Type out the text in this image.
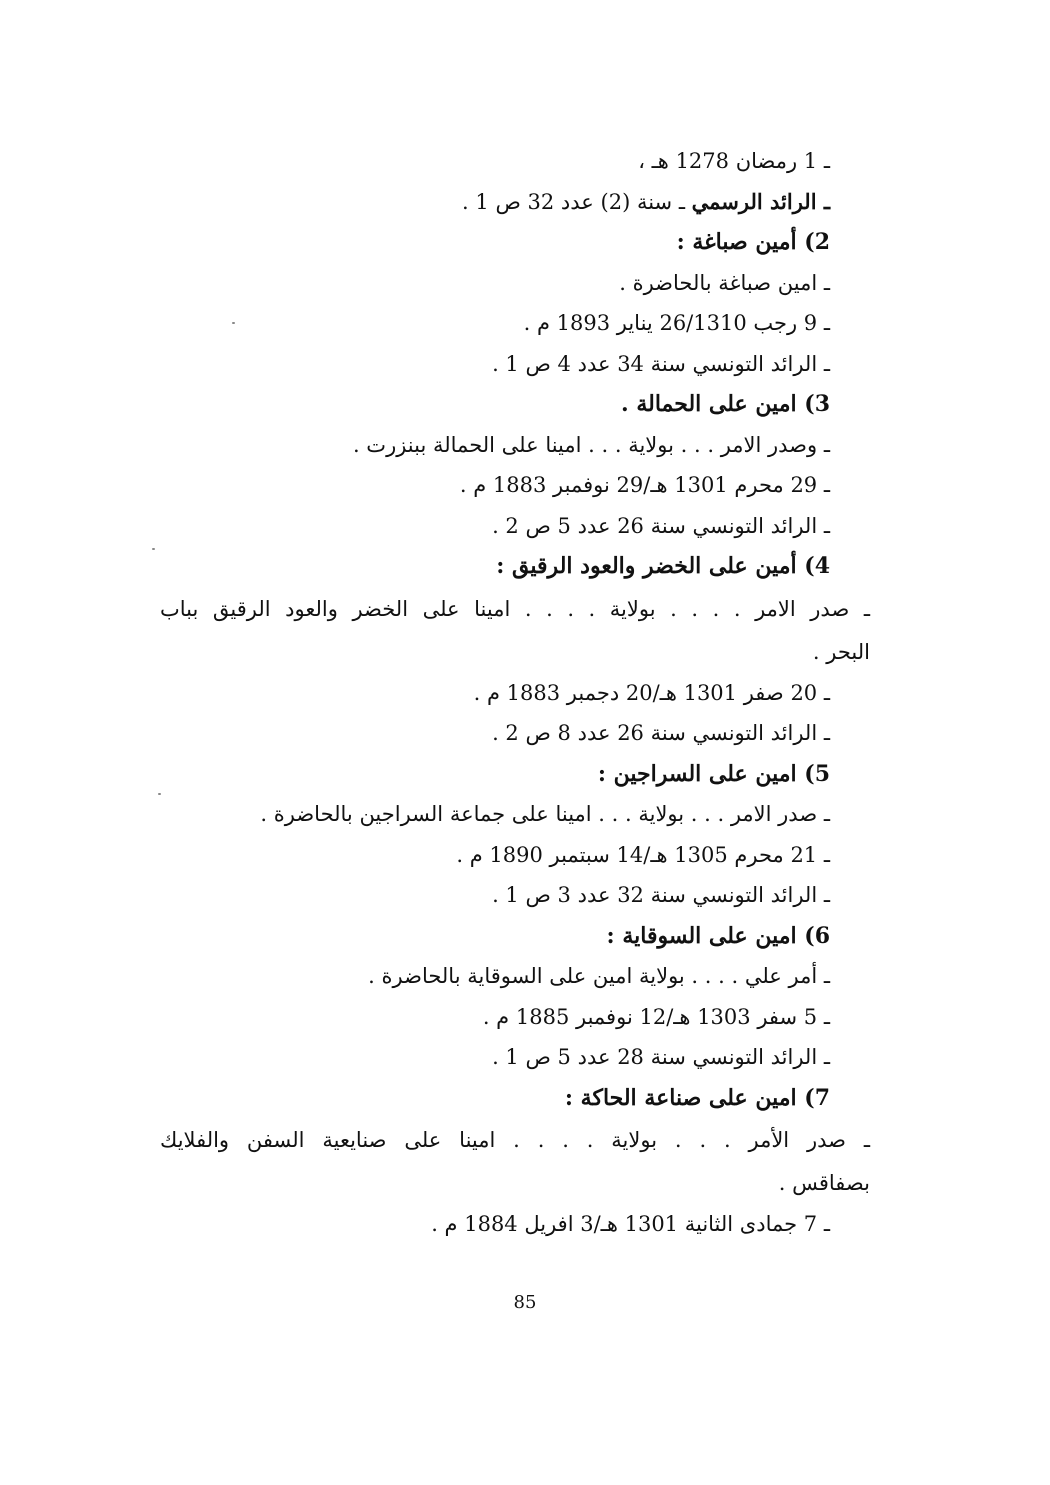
ـ 1 رمضان 1278 هـ ،
ـ الرائد الرسمي ـ سنة (2) عدد 32 ص 1 .
2) أمين صباغة :
ـ امين صباغة بالحاضرة .
ـ 9 رجب 26/1310 يناير 1893 م .
ـ الرائد التونسي سنة 34 عدد 4 ص 1 .
3) امين على الحمالة .
ـ وصدر الامر . . . بولاية . . . امينا على الحمالة ببنزرت .
ـ 29 محرم 1301 هـ/29 نوفمبر 1883 م .
ـ الرائد التونسي سنة 26 عدد 5 ص 2 .
4) أمين على الخضر والعود الرقيق :
ـ صدر الامر . . . . بولاية . . . . امينا على الخضر والعود الرقيق بباب
البحر .
ـ 20 صفر 1301 هـ/20 دجمبر 1883 م .
ـ الرائد التونسي سنة 26 عدد 8 ص 2 .
5) امين على السراجين :
ـ صدر الامر . . . بولاية . . . امينا على جماعة السراجين بالحاضرة .
ـ 21 محرم 1305 هـ/14 سبتمبر 1890 م .
ـ الرائد التونسي سنة 32 عدد 3 ص 1 .
6) امين على السوقاية :
ـ أمر علي . . . . بولاية امين على السوقاية بالحاضرة .
ـ 5 سفر 1303 هـ/12 نوفمبر 1885 م .
ـ الرائد التونسي سنة 28 عدد 5 ص 1 .
7) امين على صناعة الحاكة :
ـ صدر الأمر . . . بولاية . . . . امينا على صنايعية السفن والفلايك
بصفاقس .
ـ 7 جمادى الثانية 1301 هـ/3 افريل 1884 م .
85
